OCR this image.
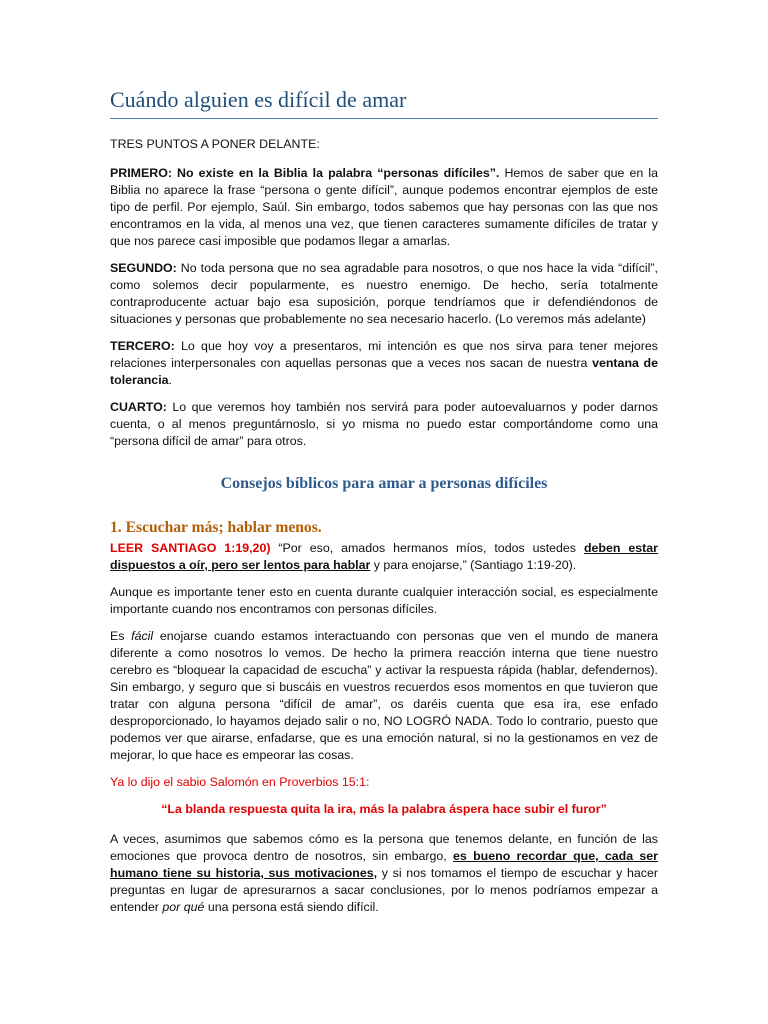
Cuándo alguien es difícil de amar

TRES PUNTOS A PONER DELANTE:

PRIMERO: No existe en la Biblia la palabra “personas difíciles”. Hemos de saber que en la Biblia no aparece la frase “persona o gente difícil”, aunque podemos encontrar ejemplos de este tipo de perfil. Por ejemplo, Saúl. Sin embargo, todos sabemos que hay personas con las que nos encontramos en la vida, al menos una vez, que tienen caracteres sumamente difíciles de tratar y que nos parece casi imposible que podamos llegar a amarlas.

SEGUNDO: No toda persona que no sea agradable para nosotros, o que nos hace la vida “difícil”, como solemos decir popularmente, es nuestro enemigo. De hecho, sería totalmente contraproducente actuar bajo esa suposición, porque tendríamos que ir defendiéndonos de situaciones y personas que probablemente no sea necesario hacerlo. (Lo veremos más adelante)

TERCERO: Lo que hoy voy a presentaros, mi intención es que nos sirva para tener mejores relaciones interpersonales con aquellas personas que a veces nos sacan de nuestra ventana de tolerancia.

CUARTO: Lo que veremos hoy también nos servirá para poder autoevaluarnos y poder darnos cuenta, o al menos preguntárnoslo, si yo misma no puedo estar comportándome como una “persona difícil de amar” para otros.

Consejos bíblicos para amar a personas difíciles
1. Escuchar más; hablar menos.

LEER SANTIAGO 1:19,20) “Por eso, amados hermanos míos, todos ustedes deben estar dispuestos a oír, pero ser lentos para hablar y para enojarse,” (Santiago 1:19-20).

Aunque es importante tener esto en cuenta durante cualquier interacción social, es especialmente importante cuando nos encontramos con personas difíciles.

Es fácil enojarse cuando estamos interactuando con personas que ven el mundo de manera diferente a como nosotros lo vemos. De hecho la primera reacción interna que tiene nuestro cerebro es “bloquear la capacidad de escucha” y activar la respuesta rápida (hablar, defendernos). Sin embargo, y seguro que si buscáis en vuestros recuerdos esos momentos en que tuvieron que tratar con alguna persona “difícil de amar”, os daréis cuenta que esa ira, ese enfado desproporcionado, lo hayamos dejado salir o no, NO LOGRÓ NADA. Todo lo contrario, puesto que podemos ver que airarse, enfadarse, que es una emoción natural, si no la gestionamos en vez de mejorar, lo que hace es empeorar las cosas.

Ya lo dijo el sabio Salomón en Proverbios 15:1:

“La blanda respuesta quita la ira, más la palabra áspera hace subir el furor”

A veces, asumimos que sabemos cómo es la persona que tenemos delante, en función de las emociones que provoca dentro de nosotros, sin embargo, es bueno recordar que, cada ser humano tiene su historia, sus motivaciones, y si nos tomamos el tiempo de escuchar y hacer preguntas en lugar de apresurarnos a sacar conclusiones, por lo menos podríamos empezar a entender por qué una persona está siendo difícil.
